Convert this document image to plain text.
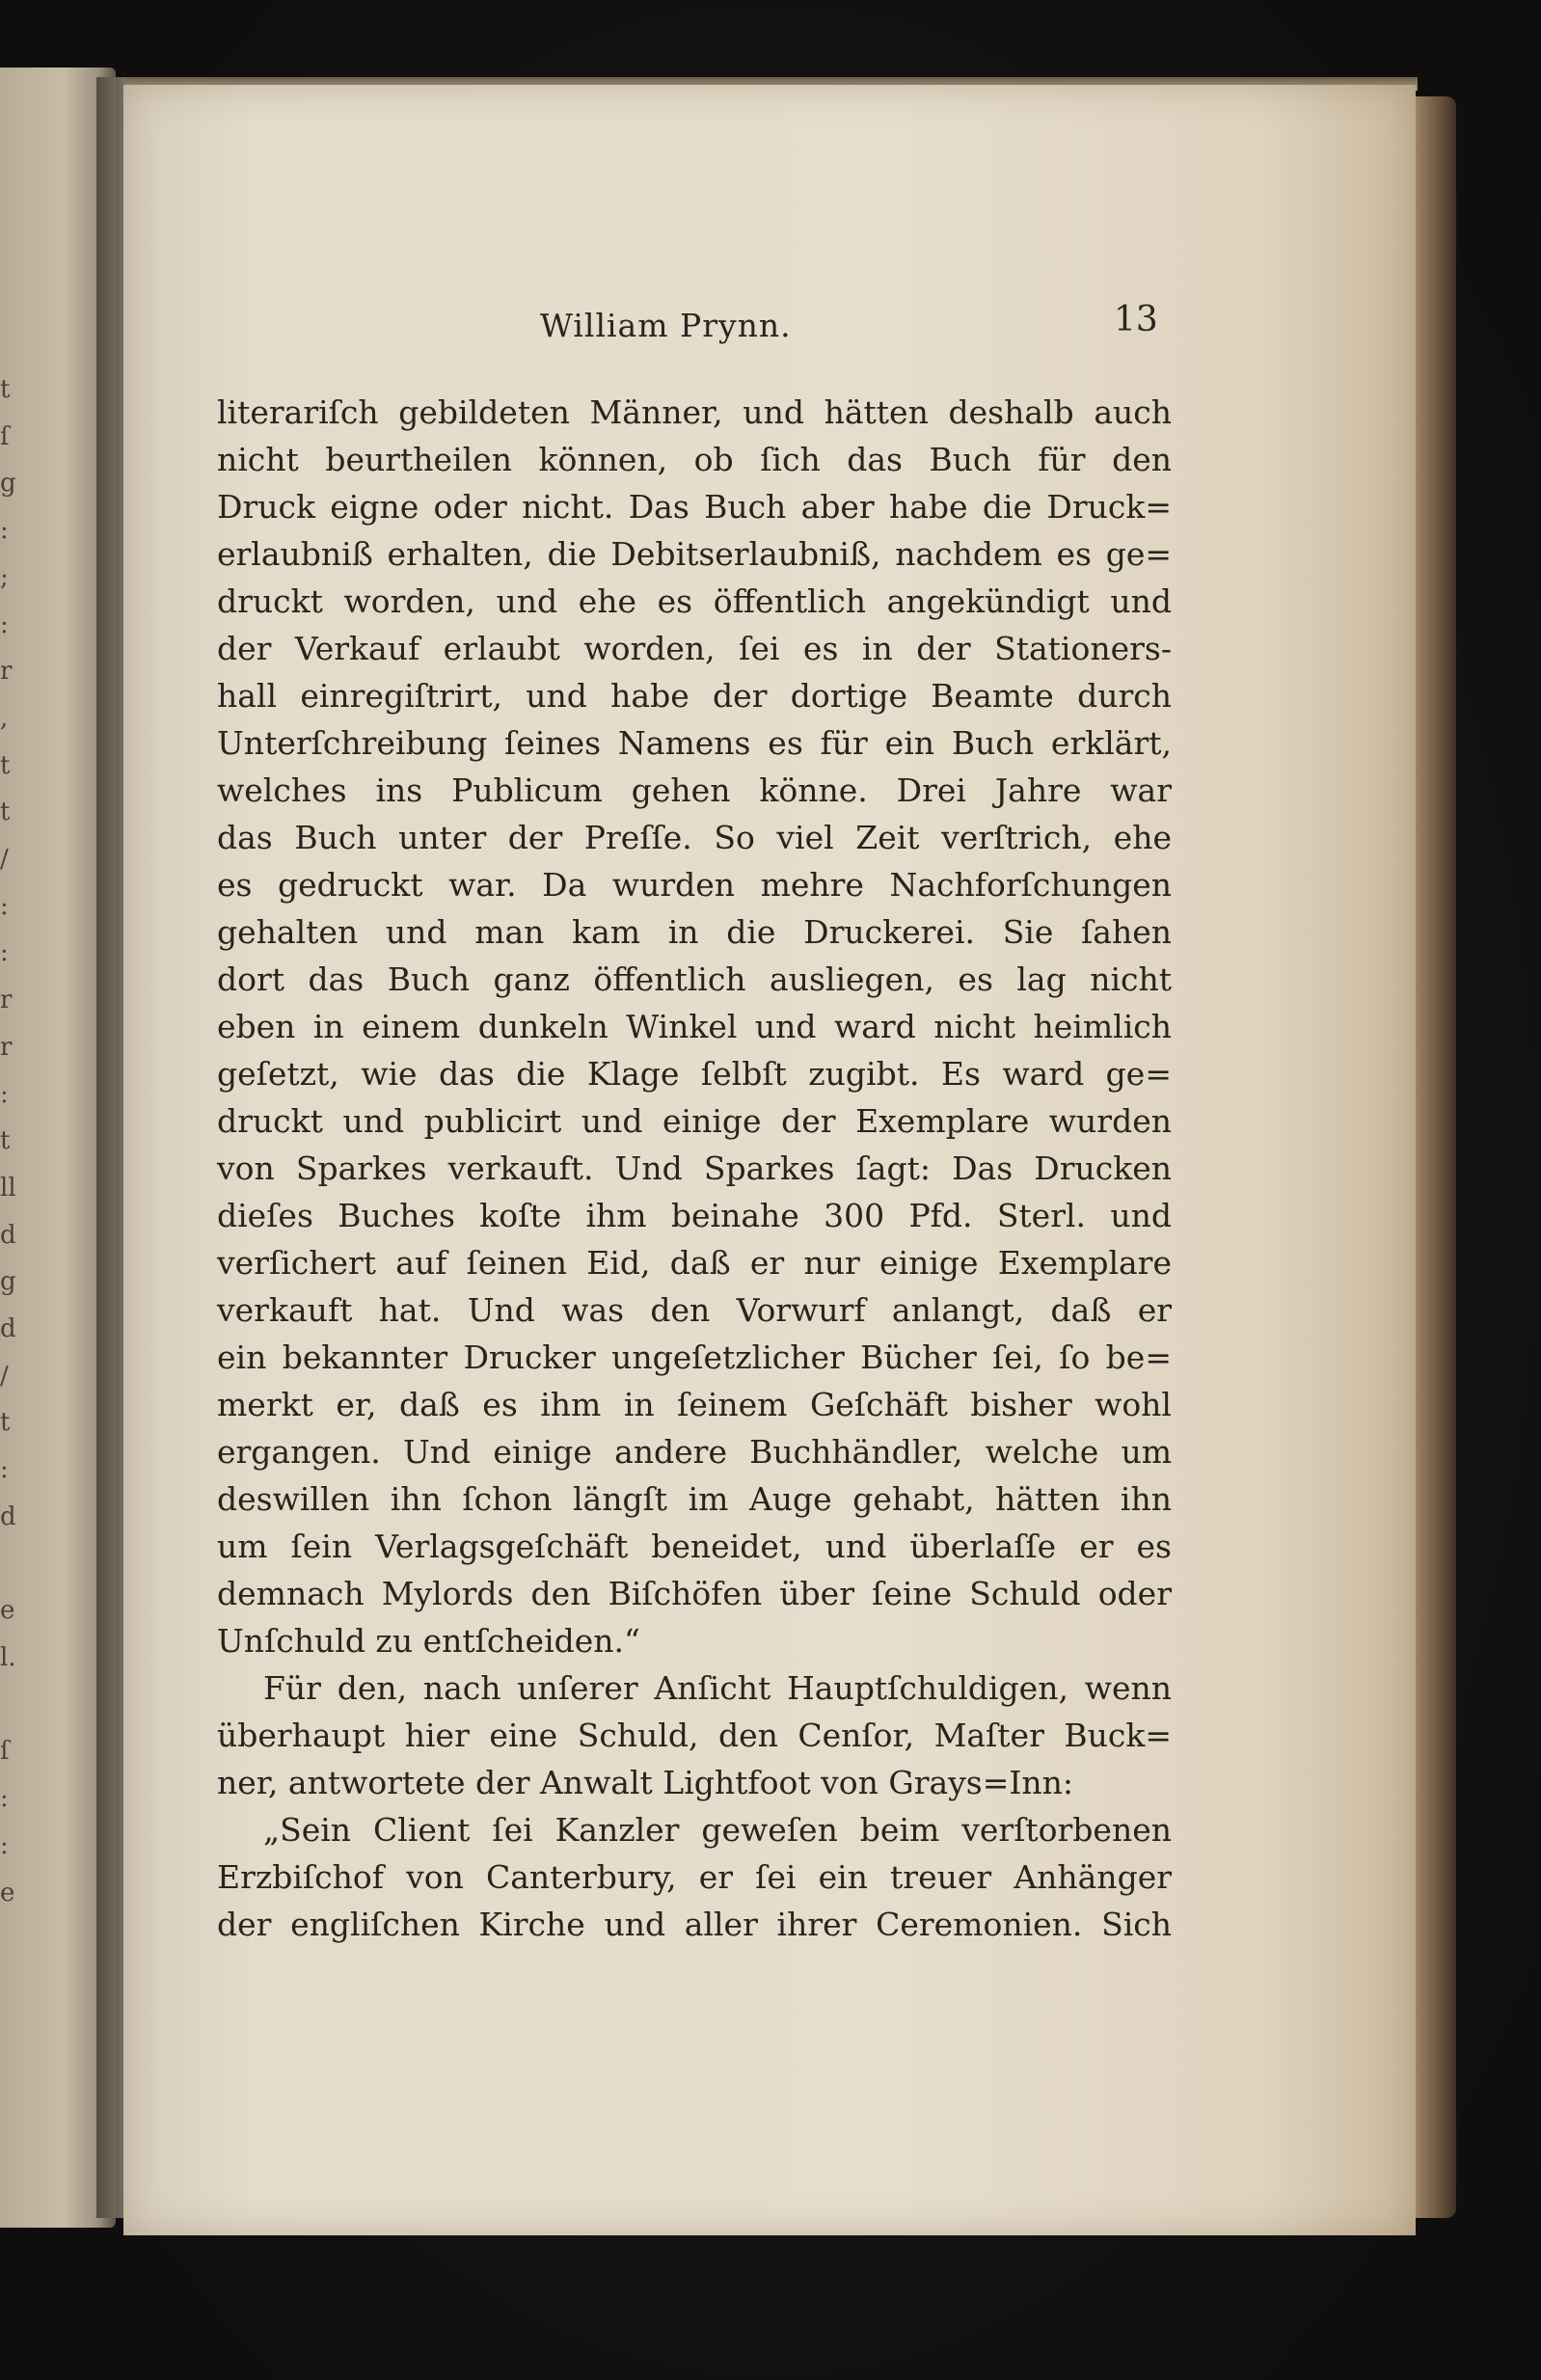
t
ſ
g
:
;
:
r
,
t
t
/
:
:
r
r
:
t
ll
d
g
d
/
t
:
d

e
l.

ſ
:
:
e
William Prynn.	13
literariſch gebildeten Männer, und hätten deshalb auch
nicht beurtheilen können, ob ſich das Buch für den
Druck eigne oder nicht. Das Buch aber habe die Druck=
erlaubniß erhalten, die Debitserlaubniß, nachdem es ge=
druckt worden, und ehe es öffentlich angekündigt und
der Verkauf erlaubt worden, ſei es in der Stationers-
hall einregiſtrirt, und habe der dortige Beamte durch
Unterſchreibung ſeines Namens es für ein Buch erklärt,
welches ins Publicum gehen könne. Drei Jahre war
das Buch unter der Preſſe. So viel Zeit verſtrich, ehe
es gedruckt war. Da wurden mehre Nachforſchungen
gehalten und man kam in die Druckerei. Sie ſahen
dort das Buch ganz öffentlich ausliegen, es lag nicht
eben in einem dunkeln Winkel und ward nicht heimlich
geſetzt, wie das die Klage ſelbſt zugibt. Es ward ge=
druckt und publicirt und einige der Exemplare wurden
von Sparkes verkauft. Und Sparkes ſagt: Das Drucken
dieſes Buches koſte ihm beinahe 300 Pfd. Sterl. und
verſichert auf ſeinen Eid, daß er nur einige Exemplare
verkauft hat. Und was den Vorwurf anlangt, daß er
ein bekannter Drucker ungeſetzlicher Bücher ſei, ſo be=
merkt er, daß es ihm in ſeinem Geſchäft bisher wohl
ergangen. Und einige andere Buchhändler, welche um
deswillen ihn ſchon längſt im Auge gehabt, hätten ihn
um ſein Verlagsgeſchäft beneidet, und überlaſſe er es
demnach Mylords den Biſchöfen über ſeine Schuld oder
Unſchuld zu entſcheiden.“
Für den, nach unſerer Anſicht Hauptſchuldigen, wenn
überhaupt hier eine Schuld, den Cenſor, Maſter Buck=
ner, antwortete der Anwalt Lightfoot von Grays=Inn:
„Sein Client ſei Kanzler geweſen beim verſtorbenen
Erzbiſchof von Canterbury, er ſei ein treuer Anhänger
der engliſchen Kirche und aller ihrer Ceremonien. Sich
